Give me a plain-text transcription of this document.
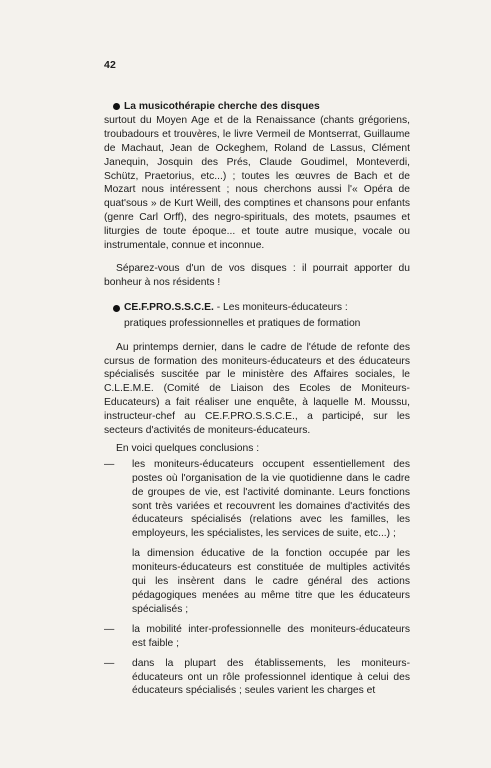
42
La musicothérapie cherche des disques

surtout du Moyen Age et de la Renaissance (chants grégoriens, troubadours et trouvères, le livre Vermeil de Montserrat, Guillaume de Machaut, Jean de Ockeghem, Roland de Lassus, Clément Janequin, Josquin des Prés, Claude Goudimel, Monteverdi, Schütz, Praetorius, etc...) ; toutes les œuvres de Bach et de Mozart nous intéressent ; nous cherchons aussi l'« Opéra de quat'sous » de Kurt Weill, des comptines et chansons pour enfants (genre Carl Orff), des negro-spirituals, des motets, psaumes et liturgies de toute époque... et toute autre musique, vocale ou instrumentale, connue et inconnue.

Séparez-vous d'un de vos disques : il pourrait apporter du bonheur à nos résidents !

CE.F.PRO.S.S.C.E. - Les moniteurs-éducateurs :
pratiques professionnelles et pratiques de formation

Au printemps dernier, dans le cadre de l'étude de refonte des cursus de formation des moniteurs-éducateurs et des éducateurs spécialisés suscitée par le ministère des Affaires sociales, le C.L.E.M.E. (Comité de Liaison des Ecoles de Moniteurs-Educateurs) a fait réaliser une enquête, à laquelle M. Moussu, instructeur-chef au CE.F.PRO.S.S.C.E., a participé, sur les secteurs d'activités de moniteurs-éducateurs.

En voici quelques conclusions :

—	les moniteurs-éducateurs occupent essentiellement des postes où l'organisation de la vie quotidienne dans le cadre de groupes de vie, est l'activité dominante. Leurs fonctions sont très variées et recouvrent les domaines d'activités des éducateurs spécialisés (relations avec les familles, les employeurs, les spécialistes, les services de suite, etc...) ;
la dimension éducative de la fonction occupée par les moniteurs-éducateurs est constituée de multiples activités qui les insèrent dans le cadre général des actions pédagogiques menées au même titre que les éducateurs spécialisés ;
—	la mobilité inter-professionnelle des moniteurs-éducateurs est faible ;
—	dans la plupart des établissements, les moniteurs-éducateurs ont un rôle professionnel identique à celui des éducateurs spécialisés ; seules varient les charges et
